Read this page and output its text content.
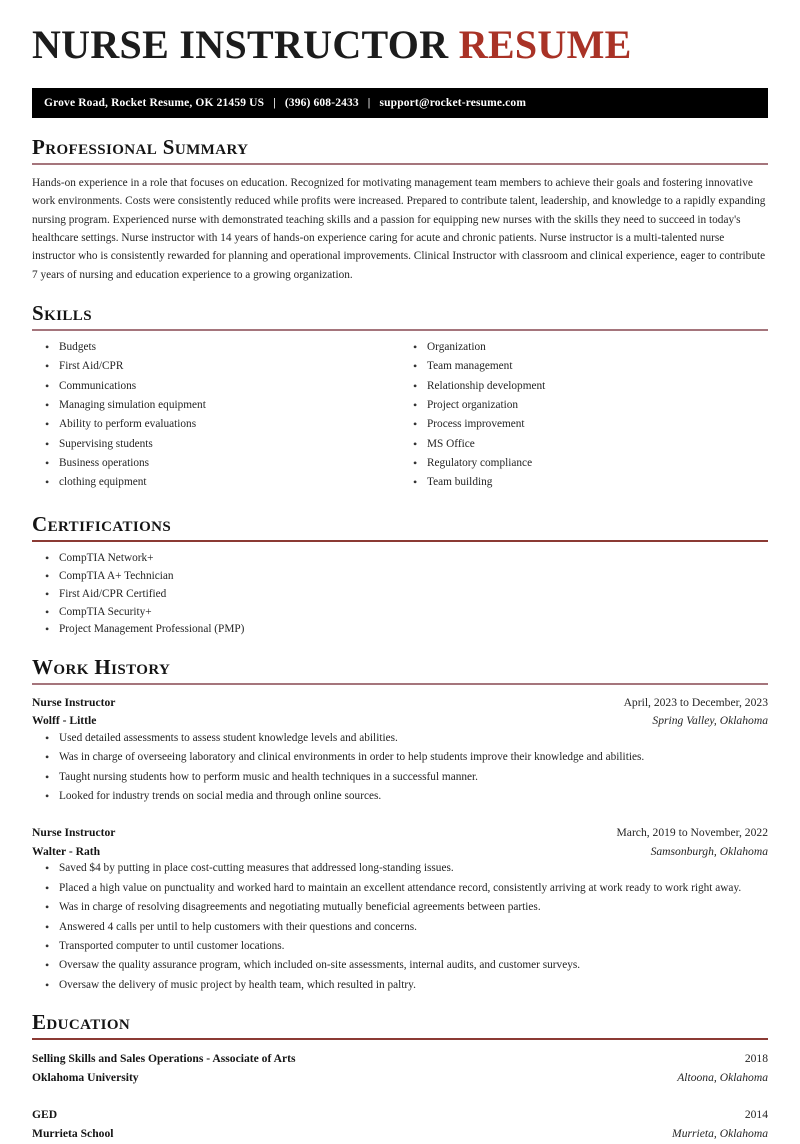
NURSE INSTRUCTOR RESUME
Grove Road, Rocket Resume, OK 21459 US | (396) 608-2433 | support@rocket-resume.com
Professional Summary
Hands-on experience in a role that focuses on education. Recognized for motivating management team members to achieve their goals and fostering innovative work environments. Costs were consistently reduced while profits were increased. Prepared to contribute talent, leadership, and knowledge to a rapidly expanding nursing program. Experienced nurse with demonstrated teaching skills and a passion for equipping new nurses with the skills they need to succeed in today's healthcare settings. Nurse instructor with 14 years of hands-on experience caring for acute and chronic patients. Nurse instructor is a multi-talented nurse instructor who is consistently rewarded for planning and operational improvements. Clinical Instructor with classroom and clinical experience, eager to contribute 7 years of nursing and education experience to a growing organization.
Skills
• Budgets
• First Aid/CPR
• Communications
• Managing simulation equipment
• Ability to perform evaluations
• Supervising students
• Business operations
• clothing equipment
• Organization
• Team management
• Relationship development
• Project organization
• Process improvement
• MS Office
• Regulatory compliance
• Team building
Certifications
• CompTIA Network+
• CompTIA A+ Technician
• First Aid/CPR Certified
• CompTIA Security+
• Project Management Professional (PMP)
Work History
Nurse Instructor	April, 2023 to December, 2023
Wolff - Little	Spring Valley, Oklahoma
• Used detailed assessments to assess student knowledge levels and abilities.
• Was in charge of overseeing laboratory and clinical environments in order to help students improve their knowledge and abilities.
• Taught nursing students how to perform music and health techniques in a successful manner.
• Looked for industry trends on social media and through online sources.
Nurse Instructor	March, 2019 to November, 2022
Walter - Rath	Samsonburgh, Oklahoma
• Saved $4 by putting in place cost-cutting measures that addressed long-standing issues.
• Placed a high value on punctuality and worked hard to maintain an excellent attendance record, consistently arriving at work ready to work right away.
• Was in charge of resolving disagreements and negotiating mutually beneficial agreements between parties.
• Answered 4 calls per until to help customers with their questions and concerns.
• Transported computer to until customer locations.
• Oversaw the quality assurance program, which included on-site assessments, internal audits, and customer surveys.
• Oversaw the delivery of music project by health team, which resulted in paltry.
Education
Selling Skills and Sales Operations - Associate of Arts	2018
Oklahoma University	Altoona, Oklahoma
GED	2014
Murrieta School	Murrieta, Oklahoma
